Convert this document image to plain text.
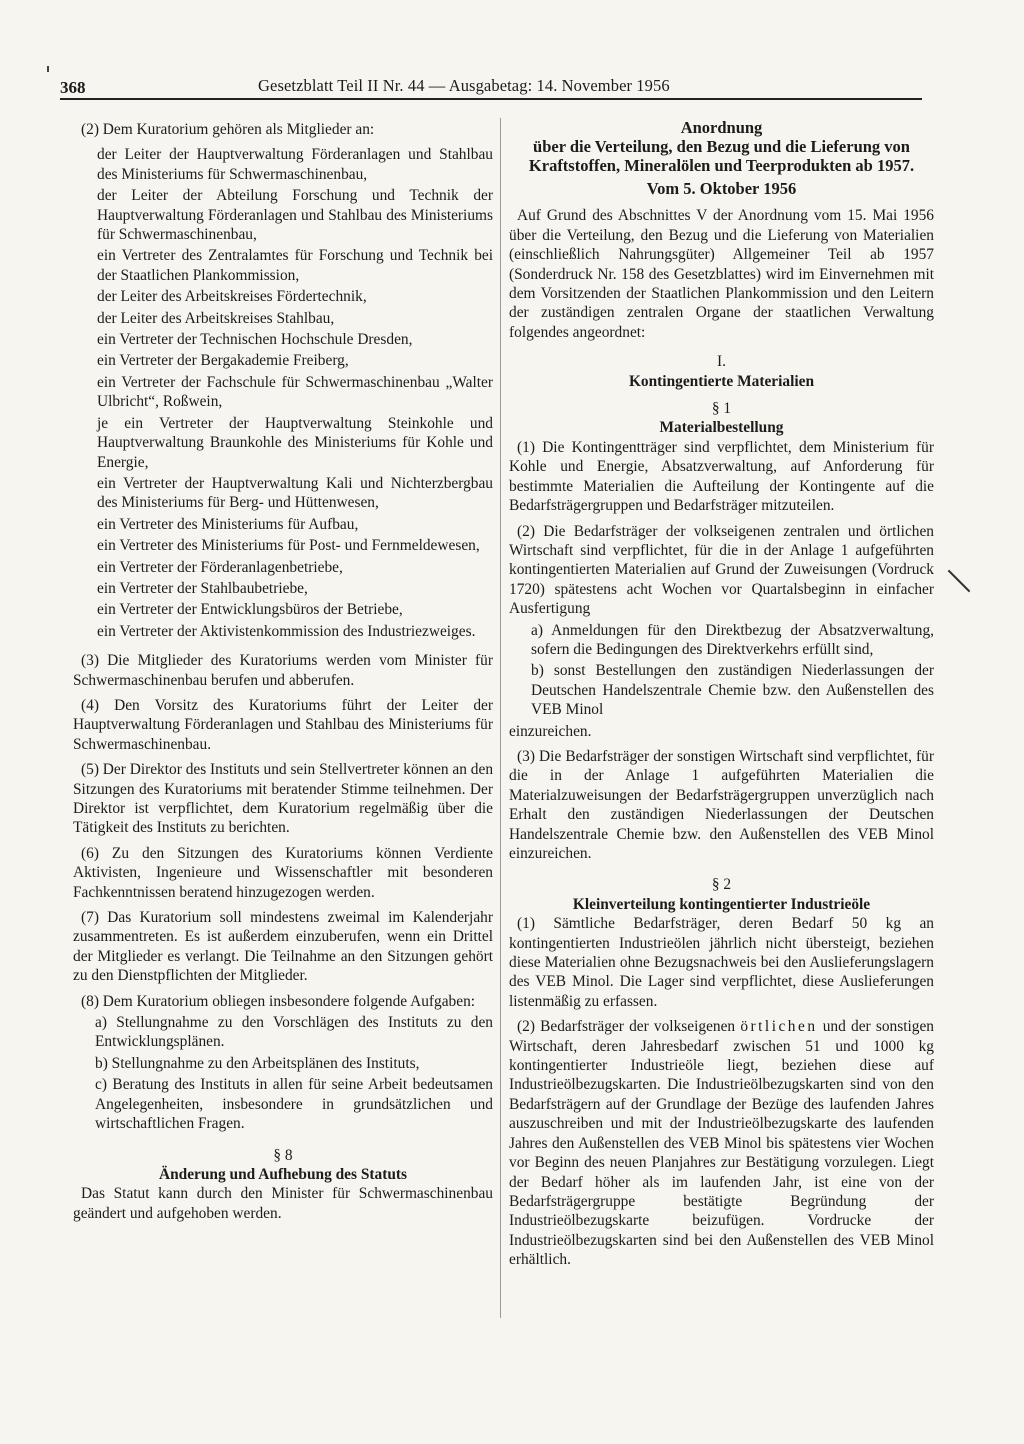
368	Gesetzblatt Teil II Nr. 44 — Ausgabetag: 14. November 1956

(2) Dem Kuratorium gehören als Mitglieder an:

der Leiter der Hauptverwaltung Förderanlagen und Stahlbau des Ministeriums für Schwermaschinenbau,
der Leiter der Abteilung Forschung und Technik der Hauptverwaltung Förderanlagen und Stahlbau des Ministeriums für Schwermaschinenbau,
ein Vertreter des Zentralamtes für Forschung und Technik bei der Staatlichen Plankommission,
der Leiter des Arbeitskreises Fördertechnik,
der Leiter des Arbeitskreises Stahlbau,
ein Vertreter der Technischen Hochschule Dresden,
ein Vertreter der Bergakademie Freiberg,
ein Vertreter der Fachschule für Schwermaschinenbau „Walter Ulbricht“, Roßwein,
je ein Vertreter der Hauptverwaltung Steinkohle und Hauptverwaltung Braunkohle des Ministeriums für Kohle und Energie,
ein Vertreter der Hauptverwaltung Kali und Nichterzbergbau des Ministeriums für Berg- und Hüttenwesen,
ein Vertreter des Ministeriums für Aufbau,
ein Vertreter des Ministeriums für Post- und Fernmeldewesen,
ein Vertreter der Förderanlagenbetriebe,
ein Vertreter der Stahlbaubetriebe,
ein Vertreter der Entwicklungsbüros der Betriebe,
ein Vertreter der Aktivistenkommission des Industriezweiges.

(3) Die Mitglieder des Kuratoriums werden vom Minister für Schwermaschinenbau berufen und abberufen.

(4) Den Vorsitz des Kuratoriums führt der Leiter der Hauptverwaltung Förderanlagen und Stahlbau des Ministeriums für Schwermaschinenbau.

(5) Der Direktor des Instituts und sein Stellvertreter können an den Sitzungen des Kuratoriums mit beratender Stimme teilnehmen. Der Direktor ist verpflichtet, dem Kuratorium regelmäßig über die Tätigkeit des Instituts zu berichten.

(6) Zu den Sitzungen des Kuratoriums können Verdiente Aktivisten, Ingenieure und Wissenschaftler mit besonderen Fachkenntnissen beratend hinzugezogen werden.

(7) Das Kuratorium soll mindestens zweimal im Kalenderjahr zusammentreten. Es ist außerdem einzuberufen, wenn ein Drittel der Mitglieder es verlangt. Die Teilnahme an den Sitzungen gehört zu den Dienstpflichten der Mitglieder.

(8) Dem Kuratorium obliegen insbesondere folgende Aufgaben:

a) Stellungnahme zu den Vorschlägen des Instituts zu den Entwicklungsplänen.
b) Stellungnahme zu den Arbeitsplänen des Instituts,
c) Beratung des Instituts in allen für seine Arbeit bedeutsamen Angelegenheiten, insbesondere in grundsätzlichen und wirtschaftlichen Fragen.

§ 8

Änderung und Aufhebung des Statuts

Das Statut kann durch den Minister für Schwermaschinenbau geändert und aufgehoben werden.

Anordnung
über die Verteilung, den Bezug und die Lieferung von Kraftstoffen, Mineralölen und Teerprodukten ab 1957.

Vom 5. Oktober 1956

Auf Grund des Abschnittes V der Anordnung vom 15. Mai 1956 über die Verteilung, den Bezug und die Lieferung von Materialien (einschließlich Nahrungsgüter) Allgemeiner Teil ab 1957 (Sonderdruck Nr. 158 des Gesetzblattes) wird im Einvernehmen mit dem Vorsitzenden der Staatlichen Plankommission und den Leitern der zuständigen zentralen Organe der staatlichen Verwaltung folgendes angeordnet:

I.

Kontingentierte Materialien

§ 1

Materialbestellung

(1) Die Kontingentträger sind verpflichtet, dem Ministerium für Kohle und Energie, Absatzverwaltung, auf Anforderung für bestimmte Materialien die Aufteilung der Kontingente auf die Bedarfsträgergruppen und Bedarfsträger mitzuteilen.

(2) Die Bedarfsträger der volkseigenen zentralen und örtlichen Wirtschaft sind verpflichtet, für die in der Anlage 1 aufgeführten kontingentierten Materialien auf Grund der Zuweisungen (Vordruck 1720) spätestens acht Wochen vor Quartalsbeginn in einfacher Ausfertigung

a) Anmeldungen für den Direktbezug der Absatzverwaltung, sofern die Bedingungen des Direktverkehrs erfüllt sind,
b) sonst Bestellungen den zuständigen Niederlassungen der Deutschen Handelszentrale Chemie bzw. den Außenstellen des VEB Minol

einzureichen.

(3) Die Bedarfsträger der sonstigen Wirtschaft sind verpflichtet, für die in der Anlage 1 aufgeführten Materialien die Materialzuweisungen der Bedarfsträgergruppen unverzüglich nach Erhalt den zuständigen Niederlassungen der Deutschen Handelszentrale Chemie bzw. den Außenstellen des VEB Minol einzureichen.

§ 2

Kleinverteilung kontingentierter Industrieöle

(1) Sämtliche Bedarfsträger, deren Bedarf 50 kg an kontingentierten Industrieölen jährlich nicht übersteigt, beziehen diese Materialien ohne Bezugsnachweis bei den Auslieferungslagern des VEB Minol. Die Lager sind verpflichtet, diese Auslieferungen listenmäßig zu erfassen.

(2) Bedarfsträger der volkseigenen örtlichen und der sonstigen Wirtschaft, deren Jahresbedarf zwischen 51 und 1000 kg kontingentierter Industrieöle liegt, beziehen diese auf Industrieölbezugskarten. Die Industrieölbezugskarten sind von den Bedarfsträgern auf der Grundlage der Bezüge des laufenden Jahres auszuschreiben und mit der Industrieölbezugskarte des laufenden Jahres den Außenstellen des VEB Minol bis spätestens vier Wochen vor Beginn des neuen Planjahres zur Bestätigung vorzulegen. Liegt der Bedarf höher als im laufenden Jahr, ist eine von der Bedarfsträgergruppe bestätigte Begründung der Industrieölbezugskarte beizufügen. Vordrucke der Industrieölbezugskarten sind bei den Außenstellen des VEB Minol erhältlich.
